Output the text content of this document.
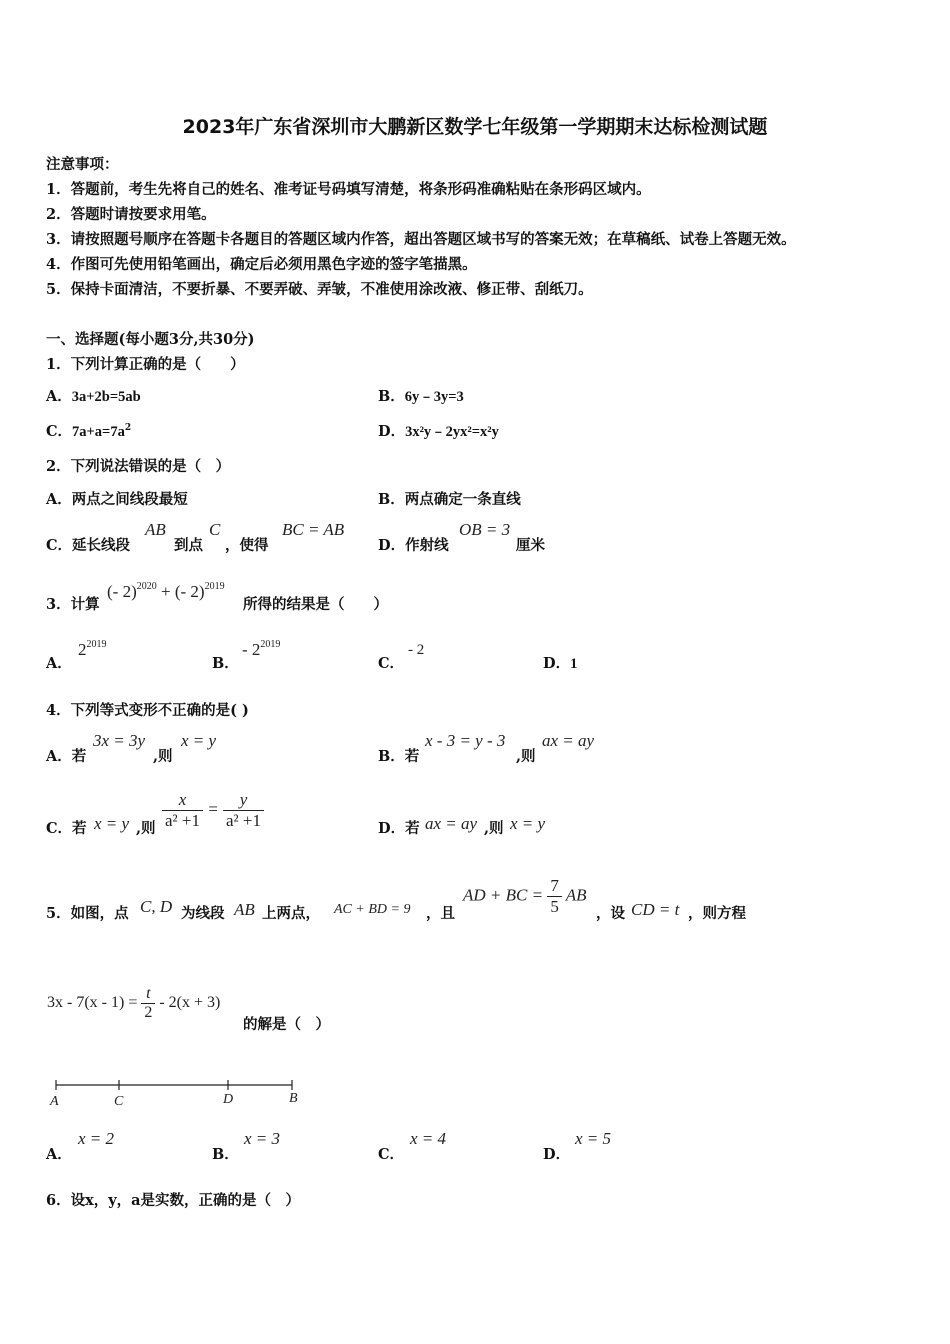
2023年广东省深圳市大鹏新区数学七年级第一学期期末达标检测试题
注意事项：
1．答题前，考生先将自己的姓名、准考证号码填写清楚，将条形码准确粘贴在条形码区域内。
2．答题时请按要求用笔。
3．请按照题号顺序在答题卡各题目的答题区域内作答，超出答题区域书写的答案无效；在草稿纸、试卷上答题无效。
4．作图可先使用铅笔画出，确定后必须用黑色字迹的签字笔描黑。
5．保持卡面清洁，不要折暴、不要弄破、弄皱，不准使用涂改液、修正带、刮纸刀。
一、选择题(每小题3分,共30分)
1．下列计算正确的是（　　）
A．3a+2b=5ab	B．6y﹣3y=3
C．$7a+a=7a^2$	D．3x²y﹣2yx²=x²y
2．下列说法错误的是（　）
A．两点之间线段最短	B．两点确定一条直线
C．延长线段
AB
到点
C
，使得
BC = AB
D．作射线
OB = 3
厘米
3．计算
(- 2)$^{2020}$ + (- 2)$^{2019}$
所得的结果是（　　）
A．
$2^{2019}$
B．
- $2^{2019}$
C．
- 2
D．1
4．下列等式变形不正确的是( )
A．若
3x = 3y
,则
x = y
B．若
x - 3 = y - 3
,则
ax = ay
C．若 x = y ,则 $\frac{x}{\text{a² +1}} = \frac{y}{\text{a² +1}}$	D．若 ax = ay ,则 x = y
5．如图，点 C, D 为线段 AB 上两点， AC + BD = 9 ，且
AD + BC = $\frac{7}{5}$ AB
，设 CD = t ，则方程
$3x - 7(x - 1) = \frac{t}{2} - 2(x + 3)$
的解是（　）
A	C	D	B
A．
x = 2
B．
x = 3
C．
x = 4
D．
x = 5
6．设x，y，a是实数，正确的是（　）
